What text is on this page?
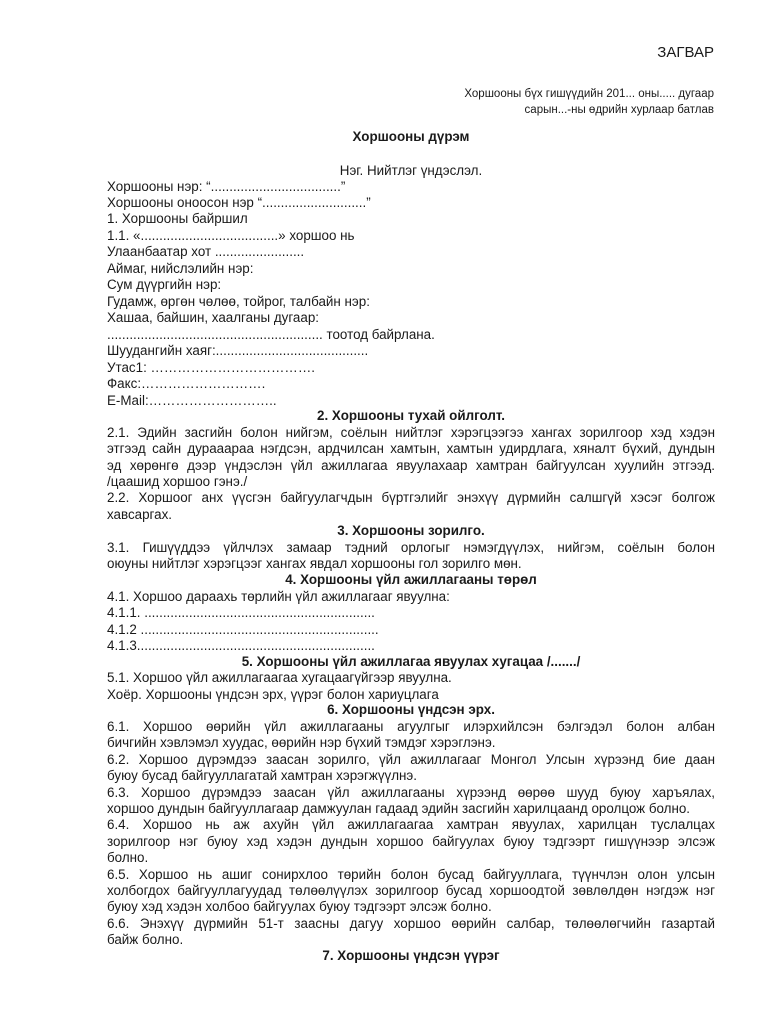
ЗАГВАР
Хоршооны бүх гишүүдийн 201... оны..... дугаар
сарын...-ны өдрийн хурлаар батлав
Хоршооны дүрэм
Нэг. Нийтлэг үндэслэл.
Хоршооны нэр: “...................................”
Хоршооны оноосон нэр “............................”
1. Хоршооны байршил
1.1. «.....................................» хоршоо нь
Улаанбаатар хот ........................
Аймаг, нийслэлийн нэр:
Сум дүүргийн нэр:
Гудамж, өргөн чөлөө, тойрог, талбайн нэр:
Хашаа, байшин, хаалганы дугаар:
.......................................................... тоотод байрлана.
Шуудангийн хаяг:.........................................
Утас1: ……………………………….
Факс:……………………….
E-Mail:………………………..
2. Хоршооны тухай ойлголт.
2.1. Эдийн засгийн болон нийгэм, соёлын нийтлэг хэрэгцээгээ хангах зорилгоор хэд хэдэн
этгээд сайн дурааараа нэгдсэн, ардчилсан хамтын, хамтын удирдлага, хяналт бүхий, дундын
эд хөрөнгө дээр үндэслэн үйл ажиллагаа явуулахаар хамтран байгуулсан хуулийн этгээд.
/цаашид хоршоо гэнэ./
2.2. Хоршоог анх үүсгэн байгуулагчдын бүртгэлийг энэхүү дүрмийн салшгүй хэсэг болгож
хавсаргах.
3. Хоршооны зорилго.
3.1. Гишүүддээ үйлчлэх замаар тэдний орлогыг нэмэгдүүлэх, нийгэм, соёлын болон
оюуны нийтлэг хэрэгцээг хангах явдал хоршооны гол зорилго мөн.
4. Хоршооны үйл ажиллагааны төрөл
4.1. Хоршоо дараахь төрлийн үйл ажиллагааг явуулна:
4.1.1. ..............................................................
4.1.2 ................................................................
4.1.3................................................................
5. Хоршооны үйл ажиллагаа явуулах хугацаа /......./
5.1. Хоршоо үйл ажиллагаагаа хугацаагүйгээр явуулна.
Хоёр. Хоршооны үндсэн эрх, үүрэг болон хариуцлага
6. Хоршооны үндсэн эрх.
6.1. Хоршоо өөрийн үйл ажиллагааны агуулгыг илэрхийлсэн бэлгэдэл болон албан
бичгийн хэвлэмэл хуудас, өөрийн нэр бүхий тэмдэг хэрэглэнэ.
6.2. Хоршоо дүрэмдээ заасан зорилго, үйл ажиллагааг Монгол Улсын хүрээнд бие даан
буюу бусад байгууллагатай хамтран хэрэгжүүлнэ.
6.3. Хоршоо дүрэмдээ заасан үйл ажиллагааны хүрээнд өөрөө шууд буюу харъялах,
хоршоо дундын байгууллагаар дамжуулан гадаад эдийн засгийн харилцаанд оролцож болно.
6.4. Хоршоо нь аж ахуйн үйл ажиллагаагаа хамтран явуулах, харилцан туслалцах
зорилгоор нэг буюу хэд хэдэн дундын хоршоо байгуулах буюу тэдгээрт гишүүнээр элсэж
болно.
6.5. Хоршоо нь ашиг сонирхлоо төрийн болон бусад байгууллага, түүнчлэн олон улсын
холбогдох байгууллагуудад төлөөлүүлэх зорилгоор бусад хоршоодтой зөвлөлдөн нэгдэж нэг
буюу хэд хэдэн холбоо байгуулах буюу тэдгээрт элсэж болно.
6.6. Энэхүү дүрмийн 51-т заасны дагуу хоршоо өөрийн салбар, төлөөлөгчийн газартай
байж болно.
7. Хоршооны үндсэн үүрэг
